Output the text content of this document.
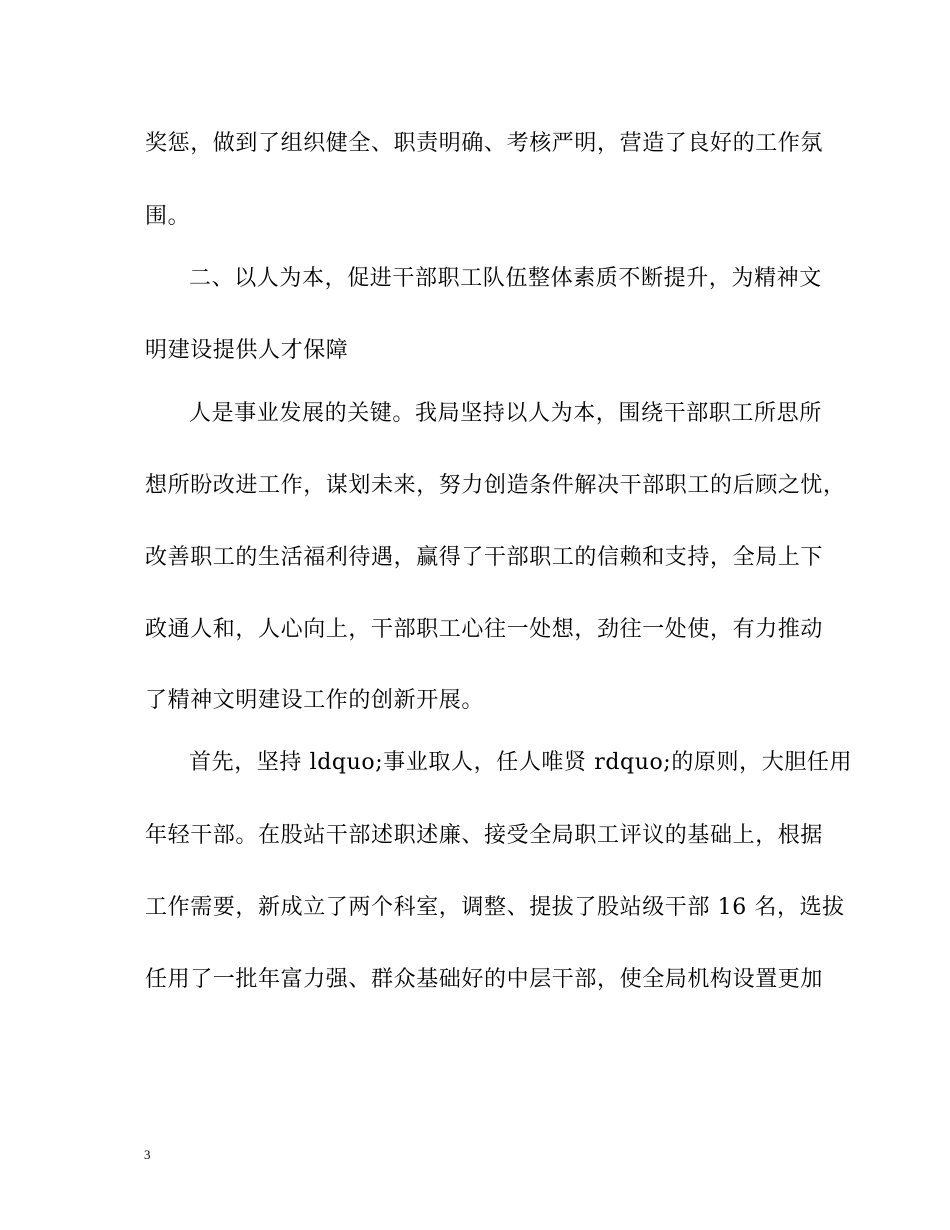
奖惩，做到了组织健全、职责明确、考核严明，营造了良好的工作氛
围。
二、以人为本，促进干部职工队伍整体素质不断提升，为精神文
明建设提供人才保障
人是事业发展的关键。我局坚持以人为本，围绕干部职工所思所
想所盼改进工作，谋划未来，努力创造条件解决干部职工的后顾之忧，
改善职工的生活福利待遇，赢得了干部职工的信赖和支持，全局上下
政通人和，人心向上，干部职工心往一处想，劲往一处使，有力推动
了精神文明建设工作的创新开展。
首先，坚持 ldquo;事业取人，任人唯贤 rdquo;的原则，大胆任用
年轻干部。在股站干部述职述廉、接受全局职工评议的基础上，根据
工作需要，新成立了两个科室，调整、提拔了股站级干部 16 名，选拔
任用了一批年富力强、群众基础好的中层干部，使全局机构设置更加
3
